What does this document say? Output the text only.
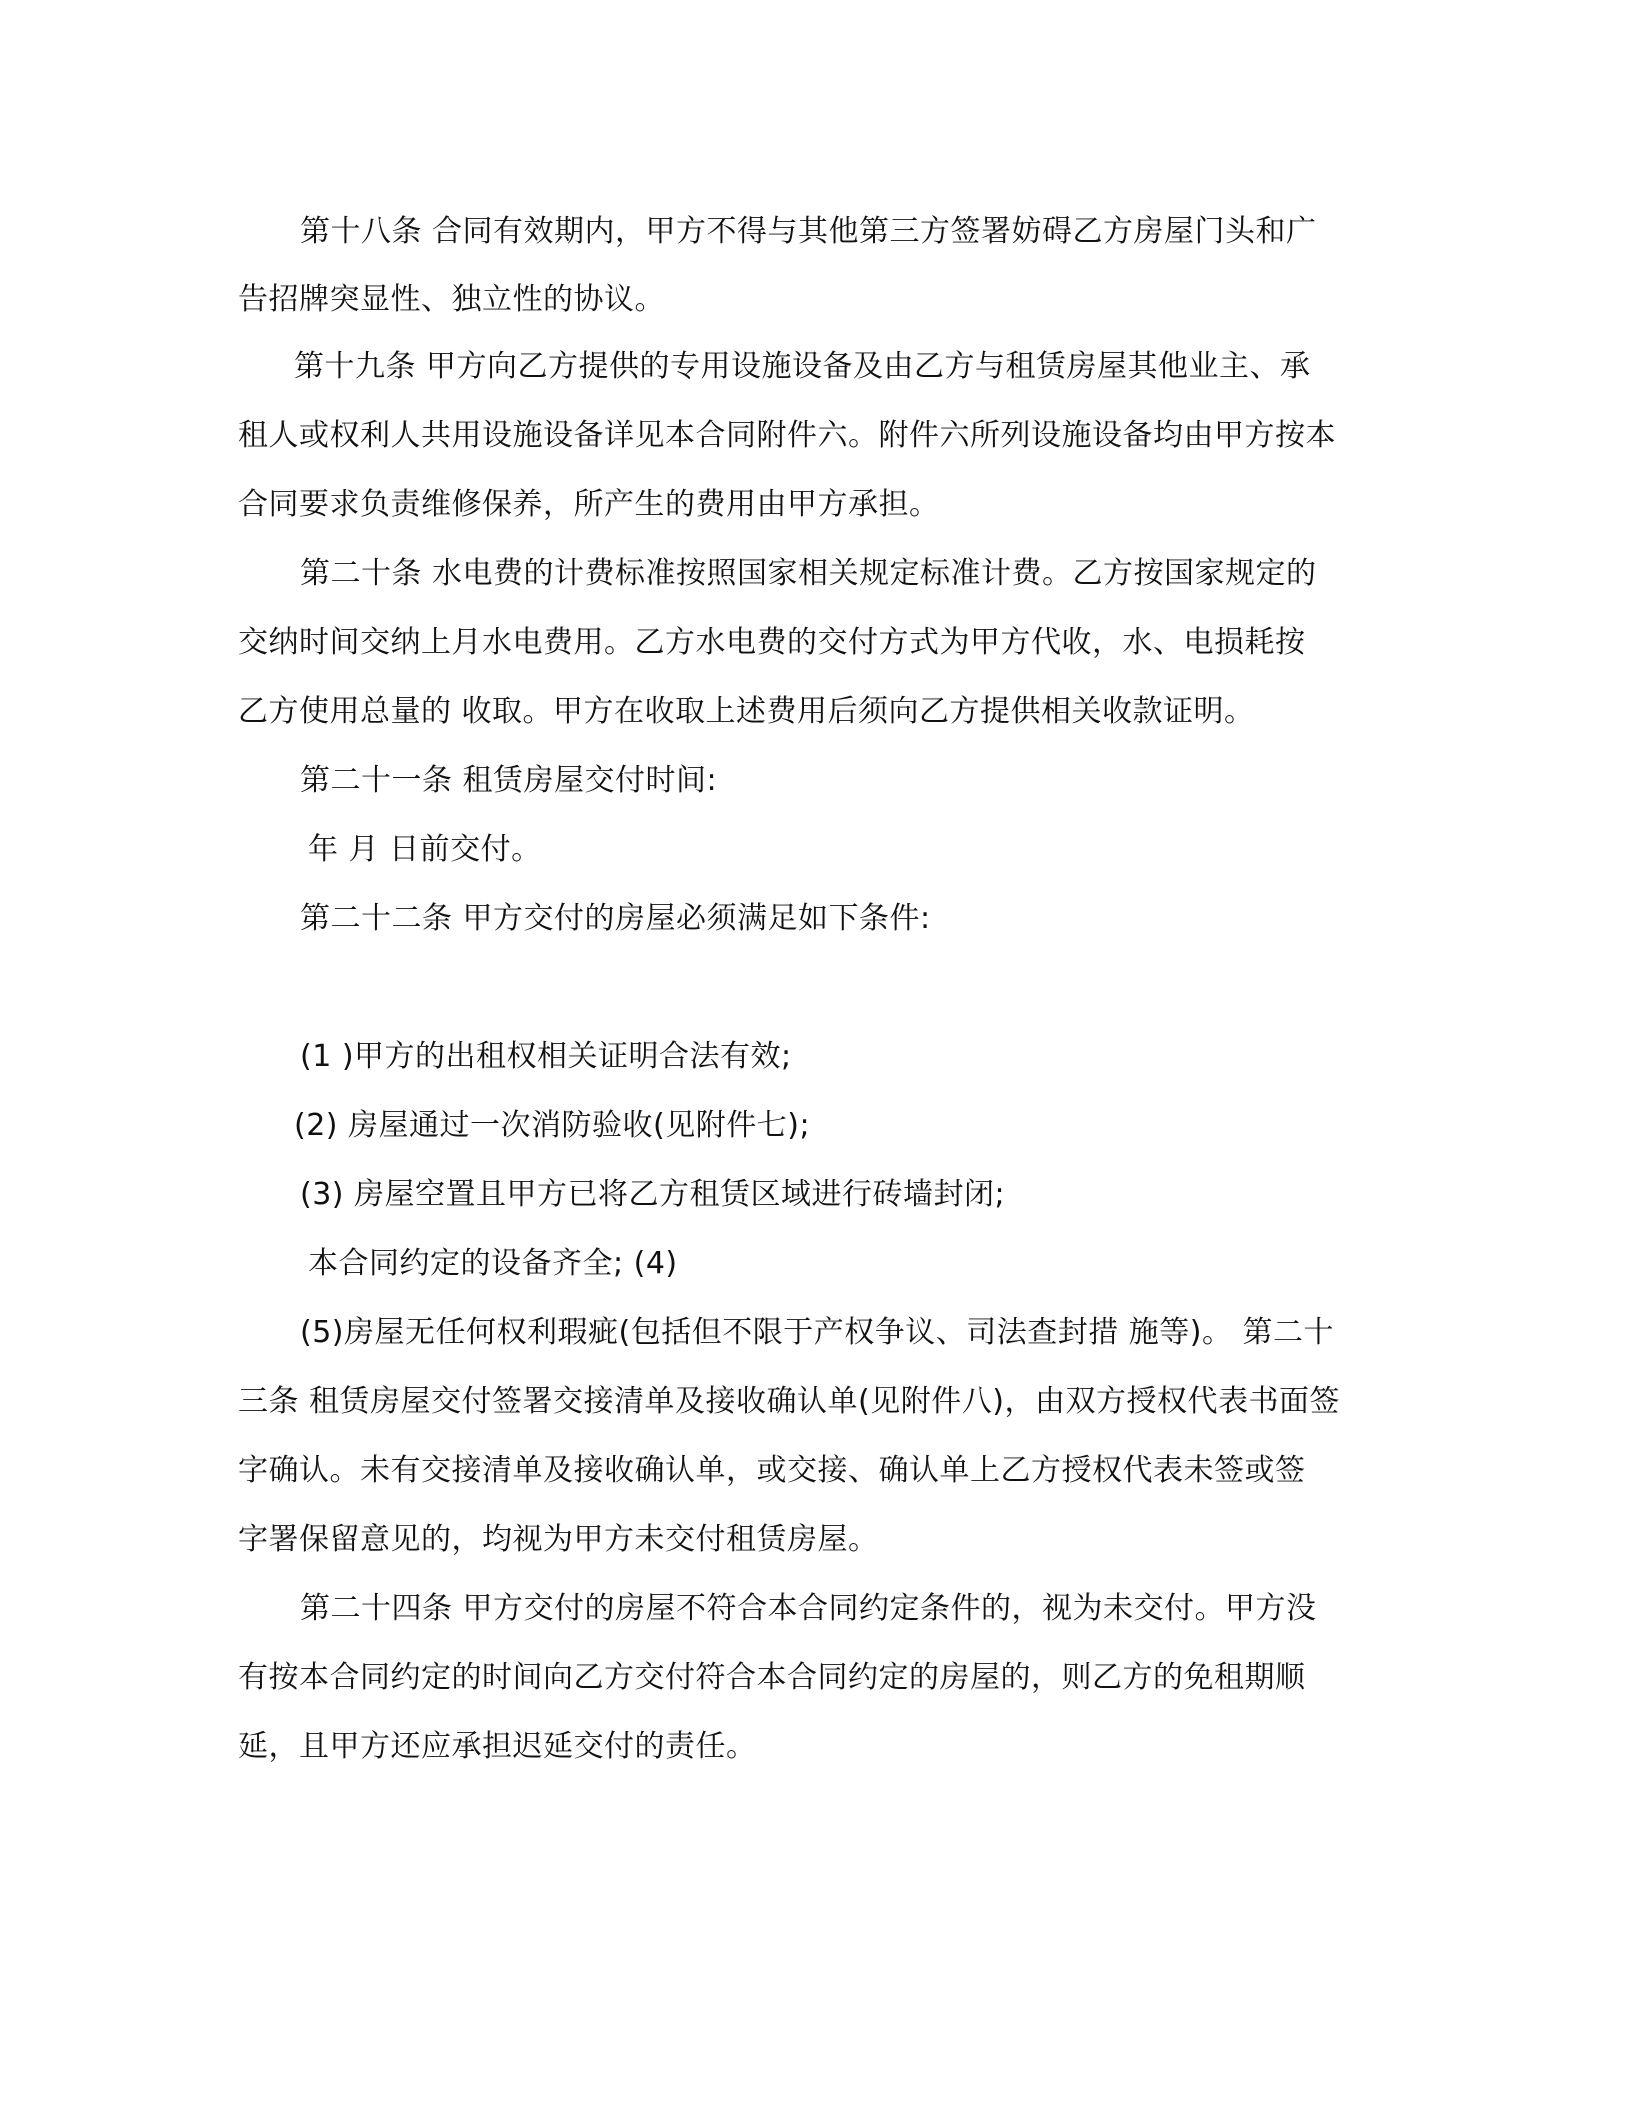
第十八条 合同有效期内，甲方不得与其他第三方签署妨碍乙方房屋门头和广
告招牌突显性、独立性的协议。
第十九条 甲方向乙方提供的专用设施设备及由乙方与租赁房屋其他业主、承
租人或权利人共用设施设备详见本合同附件六。附件六所列设施设备均由甲方按本
合同要求负责维修保养，所产生的费用由甲方承担。
第二十条 水电费的计费标准按照国家相关规定标准计费。乙方按国家规定的
交纳时间交纳上月水电费用。乙方水电费的交付方式为甲方代收，水、电损耗按
乙方使用总量的 收取。甲方在收取上述费用后须向乙方提供相关收款证明。
第二十一条 租赁房屋交付时间:
年 月 日前交付。
第二十二条 甲方交付的房屋必须满足如下条件:
(1 )甲方的出租权相关证明合法有效;
(2) 房屋通过一次消防验收(见附件七);
(3) 房屋空置且甲方已将乙方租赁区域进行砖墙封闭;
本合同约定的设备齐全; (4)
(5)房屋无任何权利瑕疵(包括但不限于产权争议、司法查封措 施等)。 第二十
三条 租赁房屋交付签署交接清单及接收确认单(见附件八)，由双方授权代表书面签
字确认。未有交接清单及接收确认单，或交接、确认单上乙方授权代表未签或签
字署保留意见的，均视为甲方未交付租赁房屋。
第二十四条 甲方交付的房屋不符合本合同约定条件的，视为未交付。甲方没
有按本合同约定的时间向乙方交付符合本合同约定的房屋的，则乙方的免租期顺
延，且甲方还应承担迟延交付的责任。
